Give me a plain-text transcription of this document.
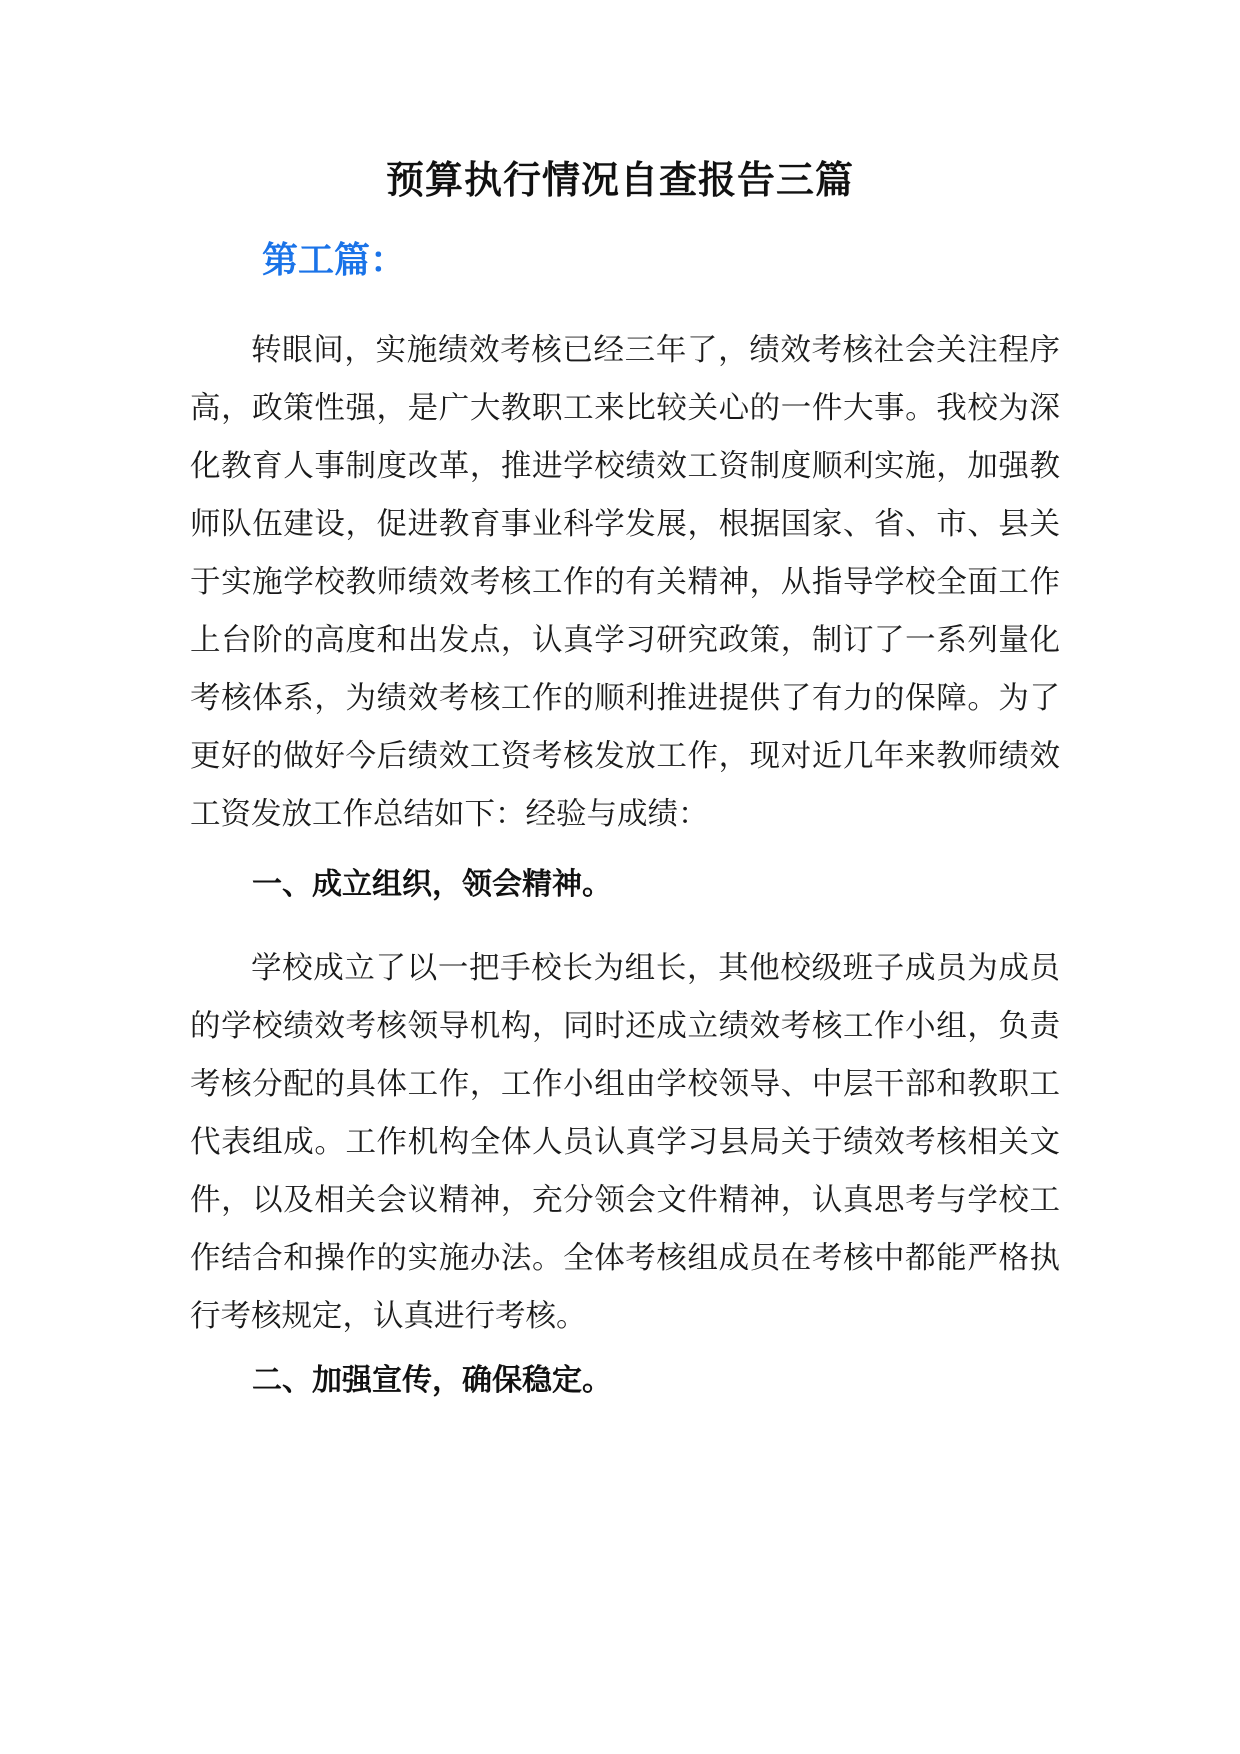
预算执行情况自查报告三篇
第工篇：

转眼间，实施绩效考核已经三年了，绩效考核社会关注程序高，政策性强，是广大教职工来比较关心的一件大事。我校为深化教育人事制度改革，推进学校绩效工资制度顺利实施，加强教师队伍建设，促进教育事业科学发展，根据国家、省、市、县关于实施学校教师绩效考核工作的有关精神，从指导学校全面工作上台阶的高度和出发点，认真学习研究政策，制订了一系列量化考核体系，为绩效考核工作的顺利推进提供了有力的保障。为了更好的做好今后绩效工资考核发放工作，现对近几年来教师绩效工资发放工作总结如下：经验与成绩：

一、成立组织，领会精神。

学校成立了以一把手校长为组长，其他校级班子成员为成员的学校绩效考核领导机构，同时还成立绩效考核工作小组，负责考核分配的具体工作，工作小组由学校领导、中层干部和教职工代表组成。工作机构全体人员认真学习县局关于绩效考核相关文件，以及相关会议精神，充分领会文件精神，认真思考与学校工作结合和操作的实施办法。全体考核组成员在考核中都能严格执行考核规定，认真进行考核。

二、加强宣传，确保稳定。
